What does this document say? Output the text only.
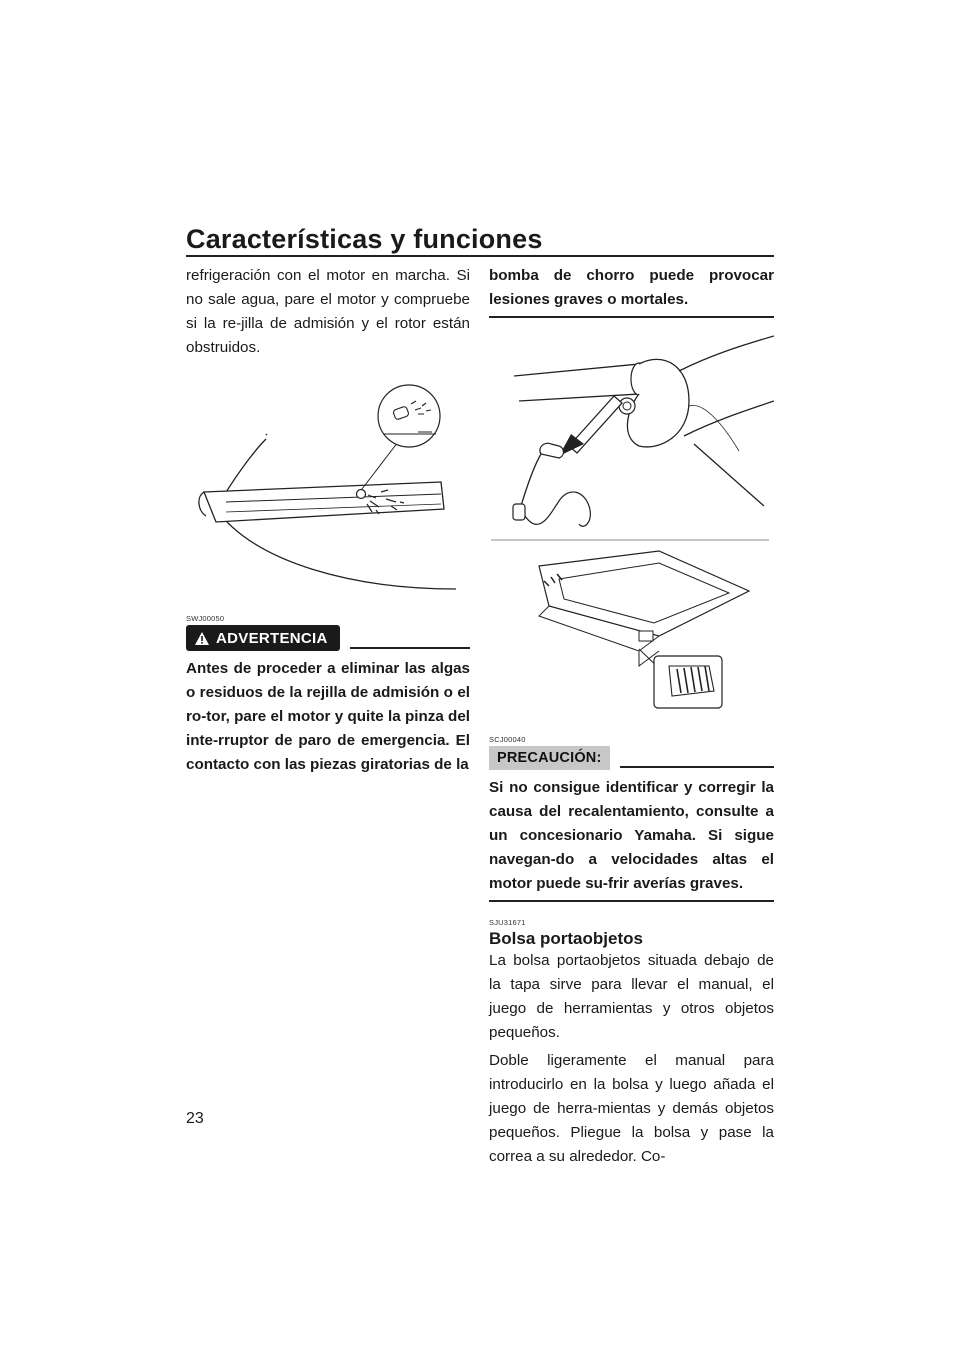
Características y funciones

refrigeración con el motor en marcha. Si no sale agua, pare el motor y compruebe si la re-jilla de admisión y el rotor están obstruidos.

SWJ00050

ADVERTENCIA

Antes de proceder a eliminar las algas o residuos de la rejilla de admisión o el ro-tor, pare el motor y quite la pinza del inte-rruptor de paro de emergencia. El contacto con las piezas giratorias de la

bomba de chorro puede provocar lesiones graves o mortales.

SCJ00040

PRECAUCIÓN:

Si no consigue identificar y corregir la causa del recalentamiento, consulte a un concesionario Yamaha. Si sigue navegan-do a velocidades altas el motor puede su-frir averías graves.

SJU31671

Bolsa portaobjetos

La bolsa portaobjetos situada debajo de la tapa sirve para llevar el manual, el juego de herramientas y otros objetos pequeños.

Doble ligeramente el manual para introducirlo en la bolsa y luego añada el juego de herra-mientas y demás objetos pequeños. Pliegue la bolsa y pase la correa a su alrededor. Co-

23
